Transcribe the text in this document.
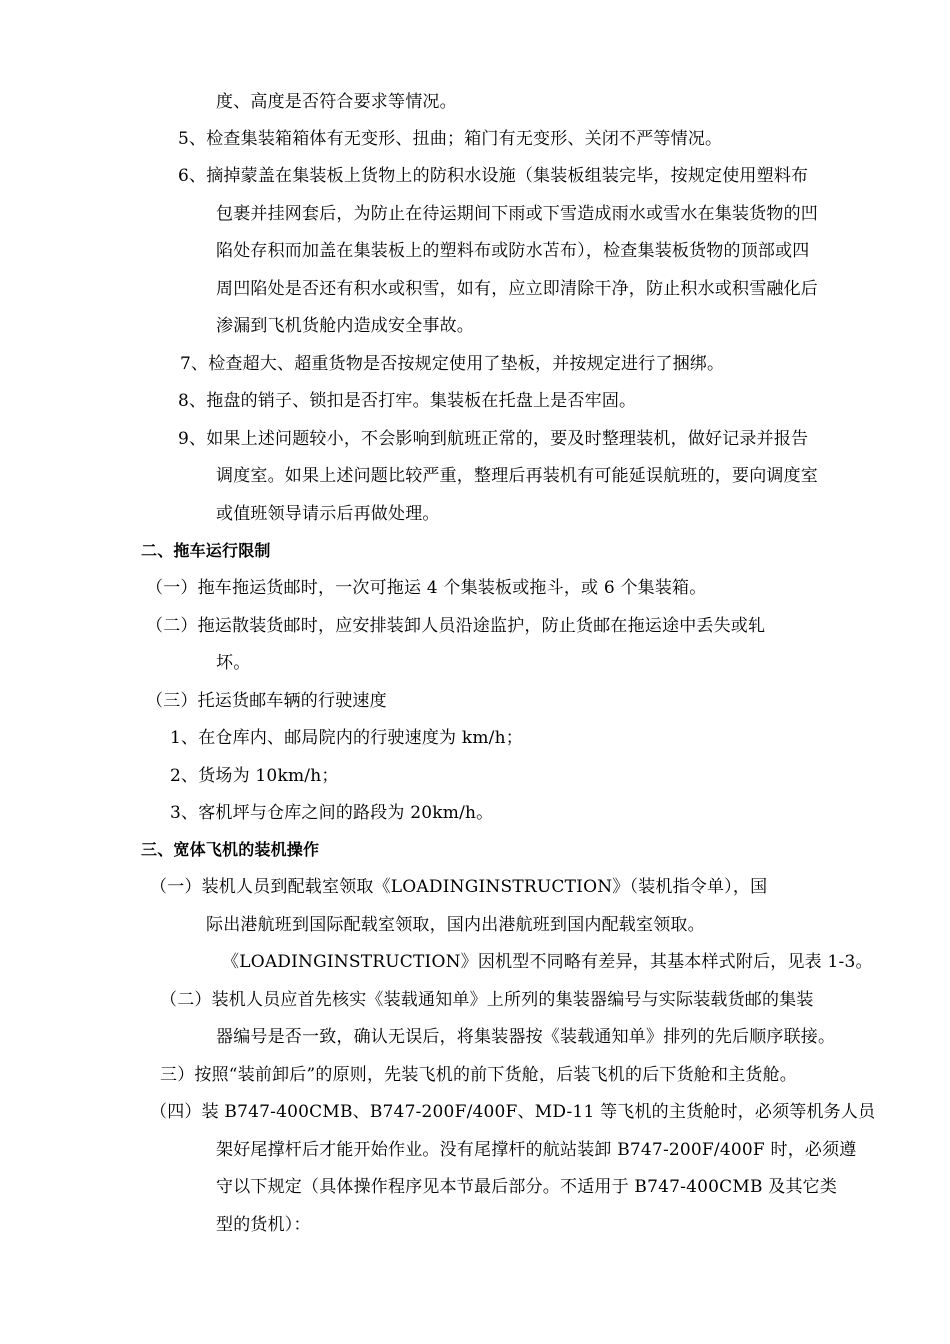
度、高度是否符合要求等情况。
5、检查集装箱箱体有无变形、扭曲；箱门有无变形、关闭不严等情况。
6、摘掉蒙盖在集装板上货物上的防积水设施（集装板组装完毕，按规定使用塑料布
包裹并挂网套后，为防止在待运期间下雨或下雪造成雨水或雪水在集装货物的凹
陷处存积而加盖在集装板上的塑料布或防水苫布），检查集装板货物的顶部或四
周凹陷处是否还有积水或积雪，如有，应立即清除干净，防止积水或积雪融化后
渗漏到飞机货舱内造成安全事故。
7、检查超大、超重货物是否按规定使用了垫板，并按规定进行了捆绑。
8、拖盘的销子、锁扣是否打牢。集装板在托盘上是否牢固。
9、如果上述问题较小，不会影响到航班正常的，要及时整理装机，做好记录并报告
调度室。如果上述问题比较严重，整理后再装机有可能延误航班的，要向调度室
或值班领导请示后再做处理。
二、拖车运行限制
（一）拖车拖运货邮时，一次可拖运 4 个集装板或拖斗，或 6 个集装箱。
（二）拖运散装货邮时，应安排装卸人员沿途监护，防止货邮在拖运途中丢失或轧
坏。
（三）托运货邮车辆的行驶速度
1、在仓库内、邮局院内的行驶速度为 km/h；
2、货场为 10km/h；
3、客机坪与仓库之间的路段为 20km/h。
三、宽体飞机的装机操作
（一）装机人员到配载室领取《LOADINGINSTRUCTION》（装机指令单），国
际出港航班到国际配载室领取，国内出港航班到国内配载室领取。
《LOADINGINSTRUCTION》因机型不同略有差异，其基本样式附后，见表 1-3。
（二）装机人员应首先核实《装载通知单》上所列的集装器编号与实际装载货邮的集装
器编号是否一致，确认无误后，将集装器按《装载通知单》排列的先后顺序联接。
三）按照“装前卸后”的原则，先装飞机的前下货舱，后装飞机的后下货舱和主货舱。
（四）装 B747-400CMB、B747-200F/400F、MD-11 等飞机的主货舱时，必须等机务人员
架好尾撑杆后才能开始作业。没有尾撑杆的航站装卸 B747-200F/400F 时，必须遵
守以下规定（具体操作程序见本节最后部分。不适用于 B747-400CMB 及其它类
型的货机）：
